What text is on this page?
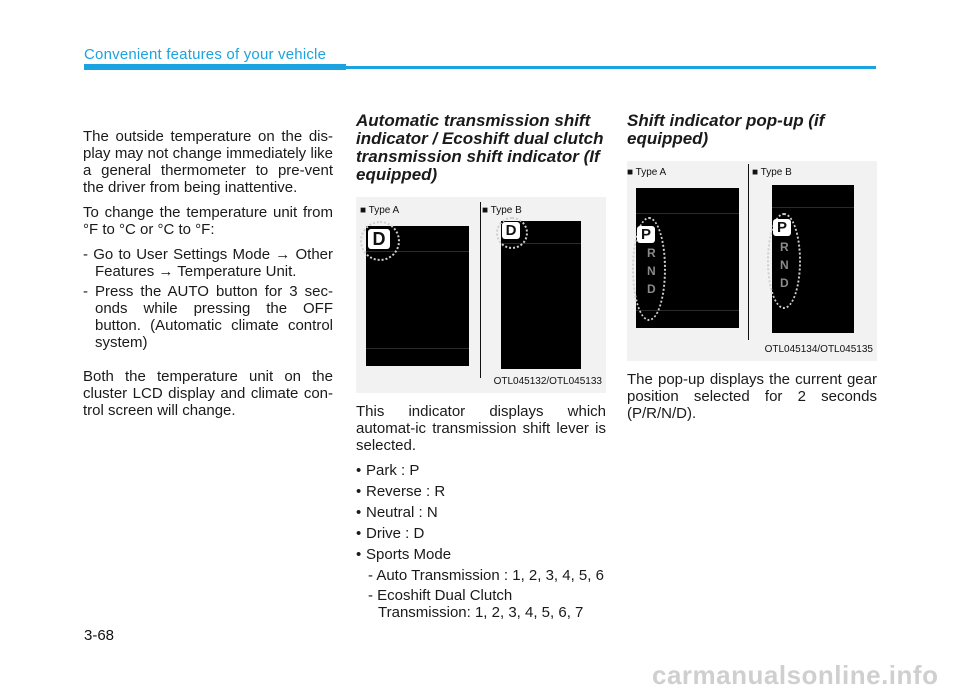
Convenient features of your vehicle

The outside temperature on the dis-play may not change immediately like a general thermometer to pre-vent the driver from being inattentive.

To change the temperature unit from °F to °C or °C to °F:

- Go to User Settings Mode → Other Features → Temperature Unit.

- Press the AUTO button for 3 sec-onds while pressing the OFF button. (Automatic climate control system)

Both the temperature unit on the cluster LCD display and climate con-trol screen will change.

Automatic transmission shift indicator / Ecoshift dual clutch transmission shift indicator (If equipped)

■ Type A	■ Type B
D	D
OTL045132/OTL045133

This indicator displays which automat-ic transmission shift lever is selected.

• Park : P
• Reverse : R
• Neutral : N
• Drive : D
• Sports Mode

- Auto Transmission : 1, 2, 3, 4, 5, 6

- Ecoshift Dual Clutch Transmission: 1, 2, 3, 4, 5, 6, 7

Shift indicator pop-up (if equipped)

■ Type A	■ Type B
P
R
N
D
P
R
N
D
OTL045134/OTL045135

The pop-up displays the current gear position selected for 2 seconds (P/R/N/D).

3-68
carmanualsonline.info
